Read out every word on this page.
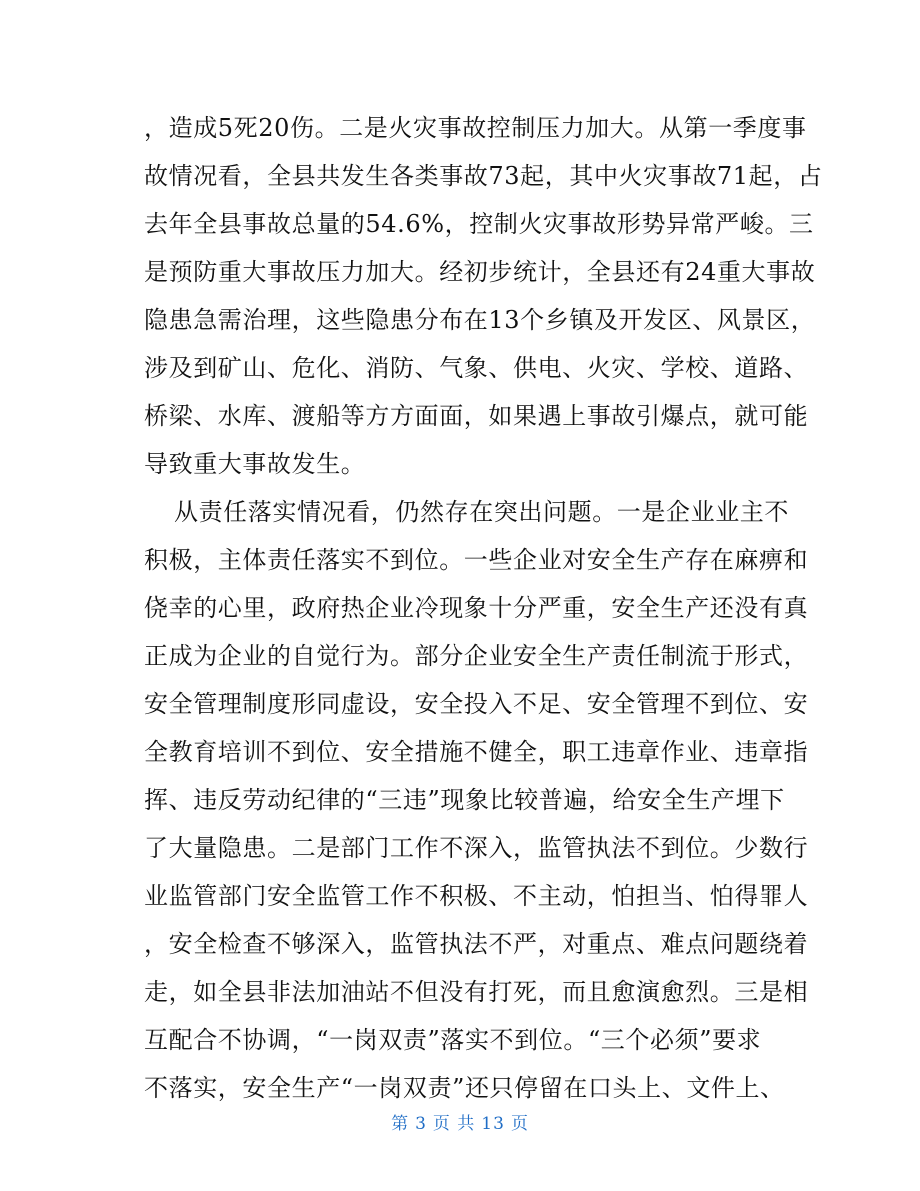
，造成5死20伤。二是火灾事故控制压力加大。从第一季度事
故情况看，全县共发生各类事故73起，其中火灾事故71起，占
去年全县事故总量的54.6%，控制火灾事故形势异常严峻。三
是预防重大事故压力加大。经初步统计，全县还有24重大事故
隐患急需治理，这些隐患分布在13个乡镇及开发区、风景区，
涉及到矿山、危化、消防、气象、供电、火灾、学校、道路、
桥梁、水库、渡船等方方面面，如果遇上事故引爆点，就可能
导致重大事故发生。
从责任落实情况看，仍然存在突出问题。一是企业业主不
积极，主体责任落实不到位。一些企业对安全生产存在麻痹和
侥幸的心里，政府热企业冷现象十分严重，安全生产还没有真
正成为企业的自觉行为。部分企业安全生产责任制流于形式，
安全管理制度形同虚设，安全投入不足、安全管理不到位、安
全教育培训不到位、安全措施不健全，职工违章作业、违章指
挥、违反劳动纪律的“三违”现象比较普遍，给安全生产埋下
了大量隐患。二是部门工作不深入，监管执法不到位。少数行
业监管部门安全监管工作不积极、不主动，怕担当、怕得罪人
，安全检查不够深入，监管执法不严，对重点、难点问题绕着
走，如全县非法加油站不但没有打死，而且愈演愈烈。三是相
互配合不协调，“一岗双责”落实不到位。“三个必须”要求
不落实，安全生产“一岗双责”还只停留在口头上、文件上、
第 3 页 共 13 页
